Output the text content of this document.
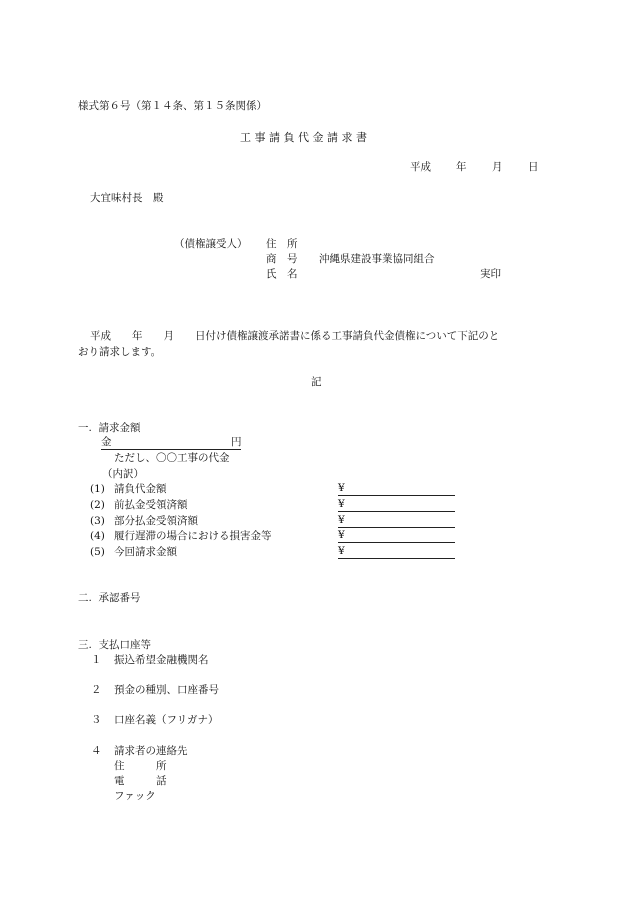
様式第６号（第１４条、第１５条関係）
工 事 請 負 代 金 請 求 書
平成 年 月 日
大宜味村長　殿
（債権譲受人） 住　所
商　号 沖縄県建設事業協同組合
氏　名	実印
平成　　年　　月　　日付け債権譲渡承諾書に係る工事請負代金債権について下記のと
おり請求します。
記
一.  請求金額
金	円
ただし、〇〇工事の代金
（内訳）
(1) 請負代金額	¥
(2) 前払金受領済額	¥
(3) 部分払金受領済額	¥
(4) 履行遅滞の場合における損害金等	¥
(5) 今回請求金額	¥
二.  承認番号
三.  支払口座等
１ 振込希望金融機関名
２ 預金の種別、口座番号
３ 口座名義（フリガナ）
４ 請求者の連絡先
住　　　所
電　　　話
ファック
